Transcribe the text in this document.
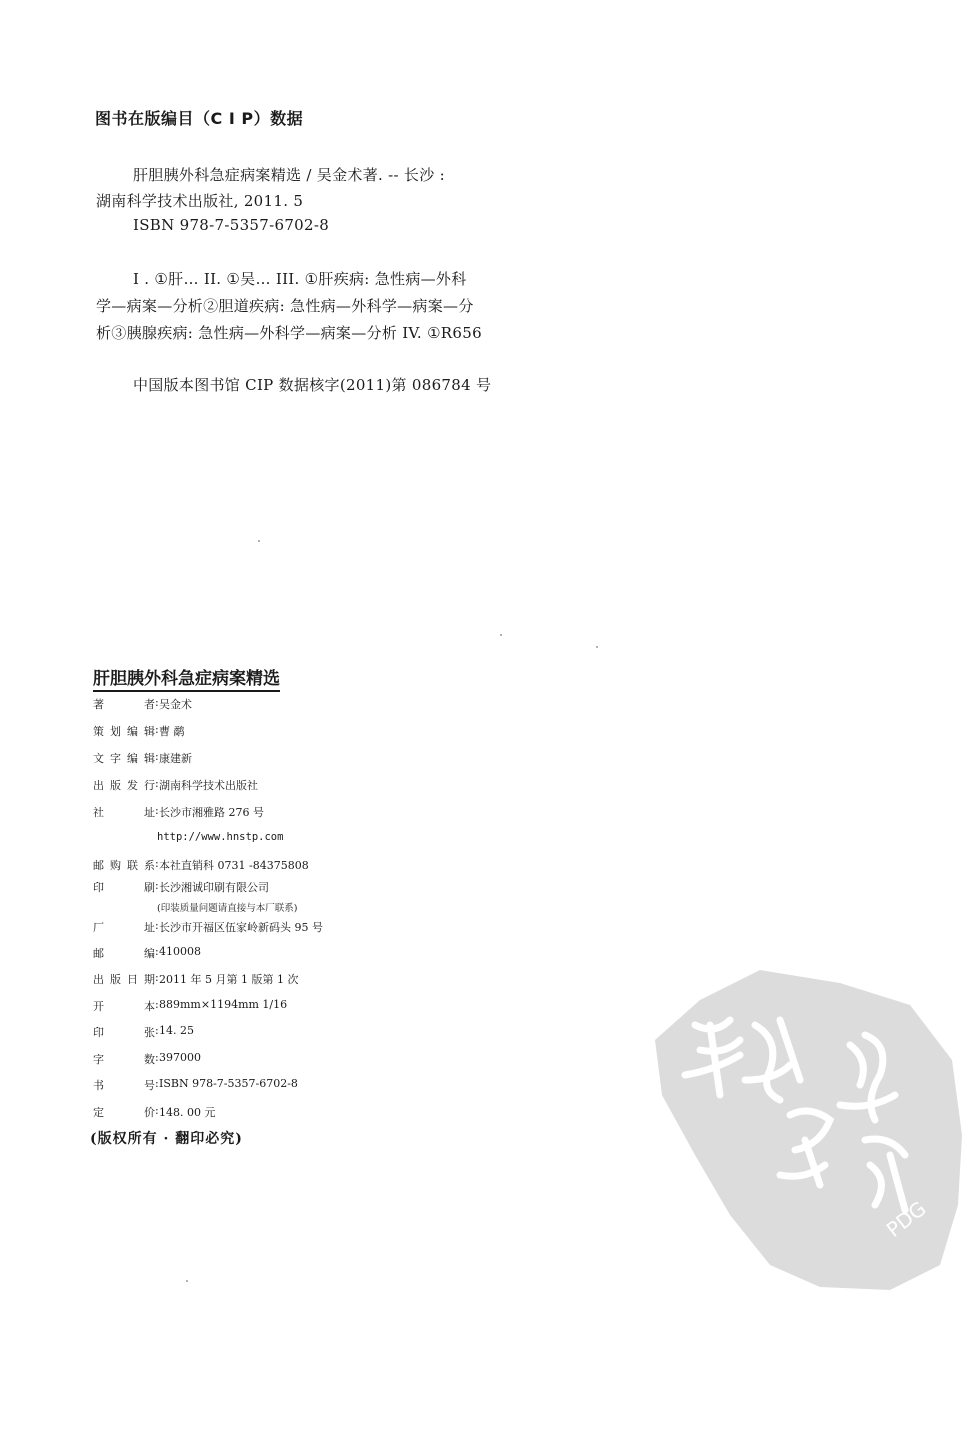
图书在版编目（C I P）数据
肝胆胰外科急症病案精选 / 吴金术著. -- 长沙 :
湖南科学技术出版社, 2011. 5
ISBN 978-7-5357-6702-8
I . ①肝… II. ①吴… III. ①肝疾病: 急性病—外科
学—病案—分析②胆道疾病: 急性病—外科学—病案—分
析③胰腺疾病: 急性病—外科学—病案—分析 IV. ①R656
中国版本图书馆 CIP 数据核字(2011)第 086784 号
肝胆胰外科急症病案精选
著 者 : 吴金术
策划编辑 : 曹 鹬
文字编辑 : 康建新
出版发行 : 湖南科学技术出版社
社 址 : 长沙市湘雅路 276 号
http://www.hnstp.com
邮购联系 : 本社直销科 0731 -84375808
印 刷 : 长沙湘诚印刷有限公司
(印装质量问题请直接与本厂联系)
厂 址 : 长沙市开福区伍家岭新码头 95 号
邮 编 : 410008
出版日期 : 2011 年 5 月第 1 版第 1 次
开 本 : 889mm×1194mm 1/16
印 张 : 14. 25
字 数 : 397000
书 号 : ISBN 978-7-5357-6702-8
定 价 : 148. 00 元
(版权所有 · 翻印必究)
PDG
